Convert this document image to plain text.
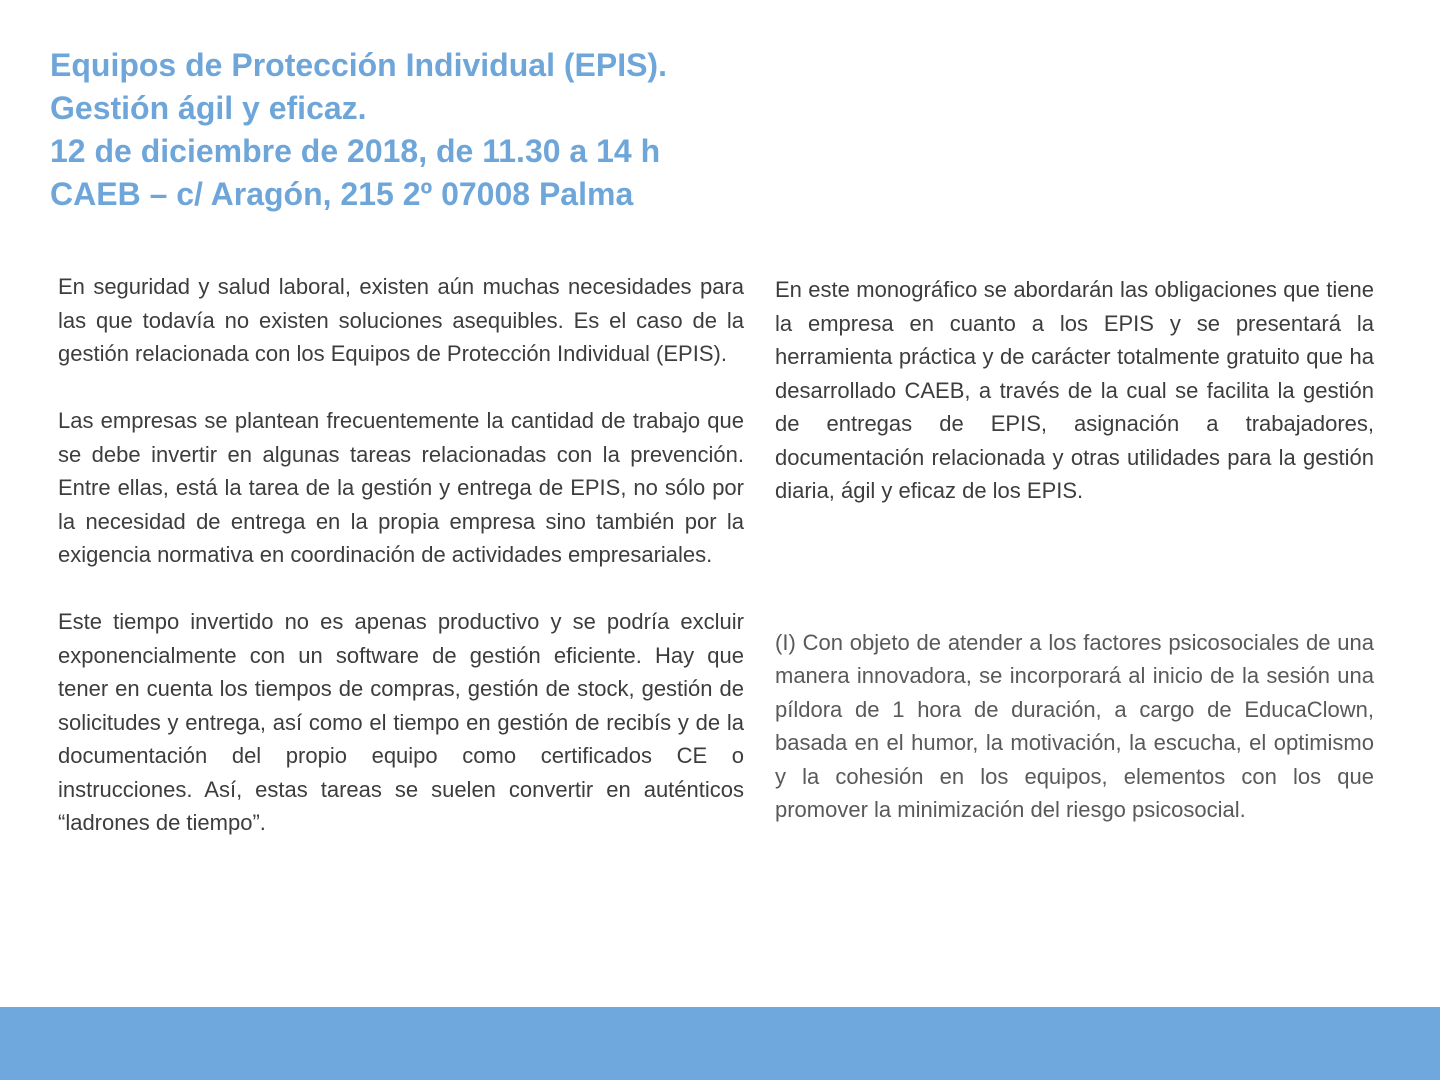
Equipos de Protección Individual (EPIS).
Gestión ágil y eficaz.
12 de diciembre de 2018, de 11.30 a 14 h
CAEB – c/ Aragón, 215 2º 07008 Palma

En seguridad y salud laboral, existen aún muchas necesidades para las que todavía no existen soluciones asequibles. Es el caso de la gestión relacionada con los Equipos de Protección Individual (EPIS).

Las empresas se plantean frecuentemente la cantidad de trabajo que se debe invertir en algunas tareas relacionadas con la prevención. Entre ellas, está la tarea de la gestión y entrega de EPIS, no sólo por la necesidad de entrega en la propia empresa sino también por la exigencia normativa en coordinación de actividades empresariales.

Este tiempo invertido no es apenas productivo y se podría excluir exponencialmente con un software de gestión eficiente. Hay que tener en cuenta los tiempos de compras, gestión de stock, gestión de solicitudes y entrega, así como el tiempo en gestión de recibís y de la documentación del propio equipo como certificados CE o instrucciones. Así, estas tareas se suelen convertir en auténticos “ladrones de tiempo”.

En este monográfico se abordarán las obligaciones que tiene la empresa en cuanto a los EPIS y se presentará la herramienta práctica y de carácter totalmente gratuito que ha desarrollado CAEB, a través de la cual se facilita la gestión de entregas de EPIS, asignación a trabajadores, documentación relacionada y otras utilidades para la gestión diaria, ágil y eficaz de los EPIS.

(I) Con objeto de atender a los factores psicosociales de una manera innovadora, se incorporará al inicio de la sesión una píldora de 1 hora de duración, a cargo de EducaClown, basada en el humor, la motivación, la escucha, el optimismo y la cohesión en los equipos, elementos con los que promover la minimización del riesgo psicosocial.
